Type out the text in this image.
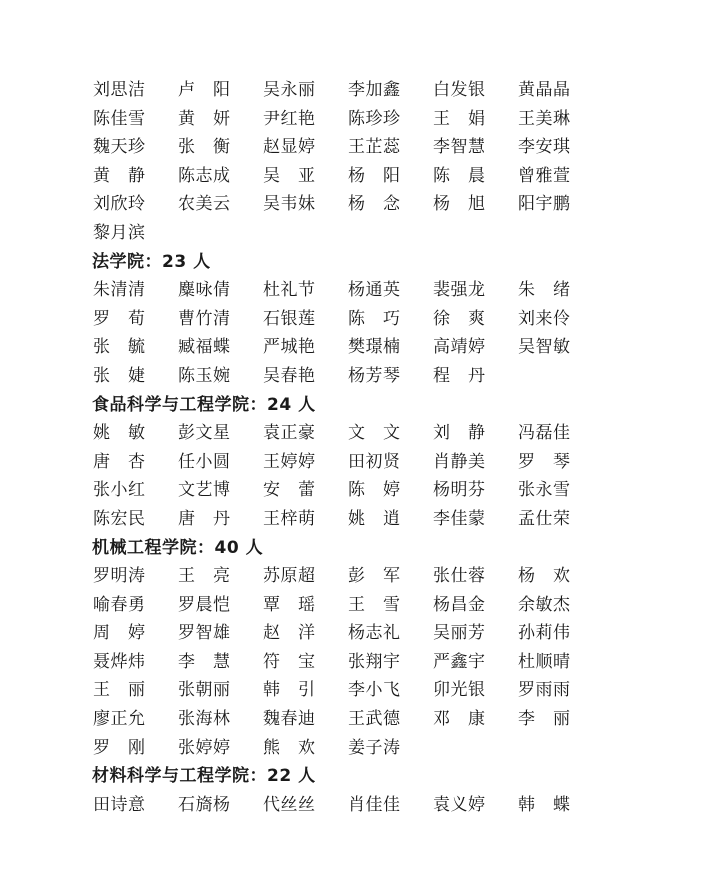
刘思洁 卢　阳 吴永丽 李加鑫 白发银 黄晶晶
陈佳雪 黄　妍 尹红艳 陈珍珍 王　娟 王美琳
魏天珍 张　衡 赵显婷 王芷蕊 李智慧 李安琪
黄　静 陈志成 吴　亚 杨　阳 陈　晨 曾雅萱
刘欣玲 农美云 吴韦妹 杨　念 杨　旭 阳宇鹏
黎月滨
法学院：23 人
朱清清 麋咏倩 杜礼节 杨通英 裴强龙 朱　绪
罗　荀 曹竹清 石银莲 陈　巧 徐　爽 刘来伶
张　毓 臧福蝶 严城艳 樊璟楠 高靖婷 吴智敏
张　婕 陈玉婉 吴春艳 杨芳琴 程　丹
食品科学与工程学院：24 人
姚　敏 彭文星 袁正豪 文　文 刘　静 冯磊佳
唐　杏 任小圆 王婷婷 田初贤 肖静美 罗　琴
张小红 文艺博 安　蕾 陈　婷 杨明芬 张永雪
陈宏民 唐　丹 王梓萌 姚　逍 李佳蒙 孟仕荣
机械工程学院：40 人
罗明涛 王　亮 苏原超 彭　军 张仕蓉 杨　欢
喻春勇 罗晨恺 覃　瑶 王　雪 杨昌金 余敏杰
周　婷 罗智雄 赵　洋 杨志礼 吴丽芳 孙莉伟
聂烨炜 李　慧 符　宝 张翔宇 严鑫宇 杜顺晴
王　丽 张朝丽 韩　引 李小飞 卯光银 罗雨雨
廖正允 张海林 魏春迪 王武德 邓　康 李　丽
罗　刚 张婷婷 熊　欢 姜子涛
材料科学与工程学院：22 人
田诗意 石旖杨 代丝丝 肖佳佳 袁义婷 韩　蝶
